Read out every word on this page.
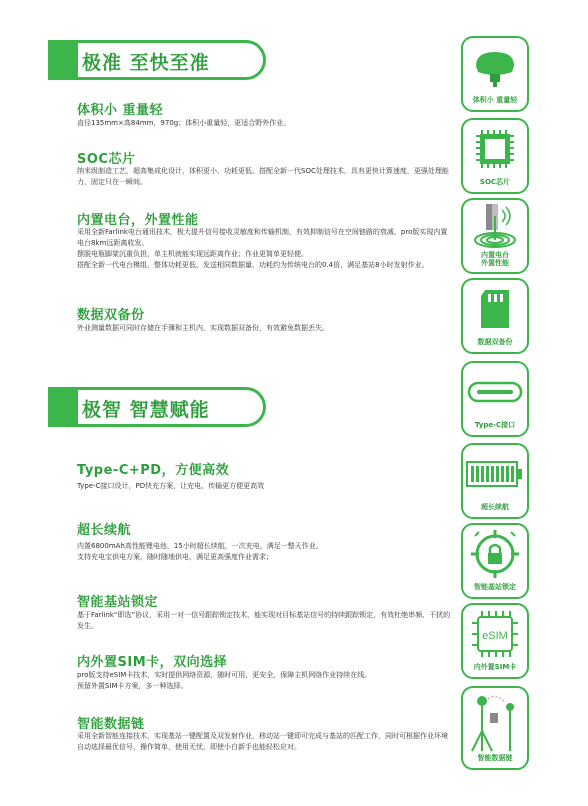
极准 至快至准
体积小 重量轻
直径135mm×高84mm，970g；体积小重量轻，更适合野外作业。
SOC芯片
纳米级制造工艺，超高集成化设计，体积更小、功耗更低。搭配全新一代SOC处理技术，具有更快计算速度，更强处理能力，固定只在一瞬间。
内置电台，外置性能
采用全新Farlink电台通讯技术，极大提升信号接收灵敏度和传输机制，有效抑制信号在空间链路的衰减，pro版实现内置电台8km远距离收发。
摆脱电瓶脚架沉重负担，单主机就能实现远距离作业；作业更简单更轻便。
搭配全新一代电台模组，整体功耗更低，发送相同数据量，功耗约为传统电台的0.4倍，满足基站8小时发射作业。
数据双备份
外业测量数据可同时存储在手簿和主机内，实现数据双备份，有效避免数据丢失。
极智 智慧赋能
Type-C+PD，方便高效
Type-C接口设计，PD快充方案，让充电、传输更方便更高效
超长续航
内置6800mAh高性能锂电池，15小时超长续航，一次充电，满足一整天作业。
支持充电宝供电方案，随时随地供电，满足更高强度作业需求；
智能基站锁定
基于Farlink“即选”协议，采用一对一信号跟踪锁定技术，能实现对目标基站信号的持续跟踪锁定，有效杜绝串频、干扰的发生。
内外置SIM卡，双向选择
pro版支持eSIM卡技术，实时提供网络资源，随时可用，更安全，保障主机网络作业持续在线。
预留外置SIM卡方案，多一种选择。
智能数据链
采用全新智能连接技术，实现基站一键配置及双发射作业，移动站一键即可完成与基站的匹配工作，同时可根据作业环境自动选择最优信号，操作简单，使用无忧，即使小白新手也能轻松应对。
体积小 重量轻
SOC芯片
内置电台
外置性能
数据双备份
Type-C接口
超长续航
智能基站锁定
eSIM
内外置SIM卡
智能数据链
